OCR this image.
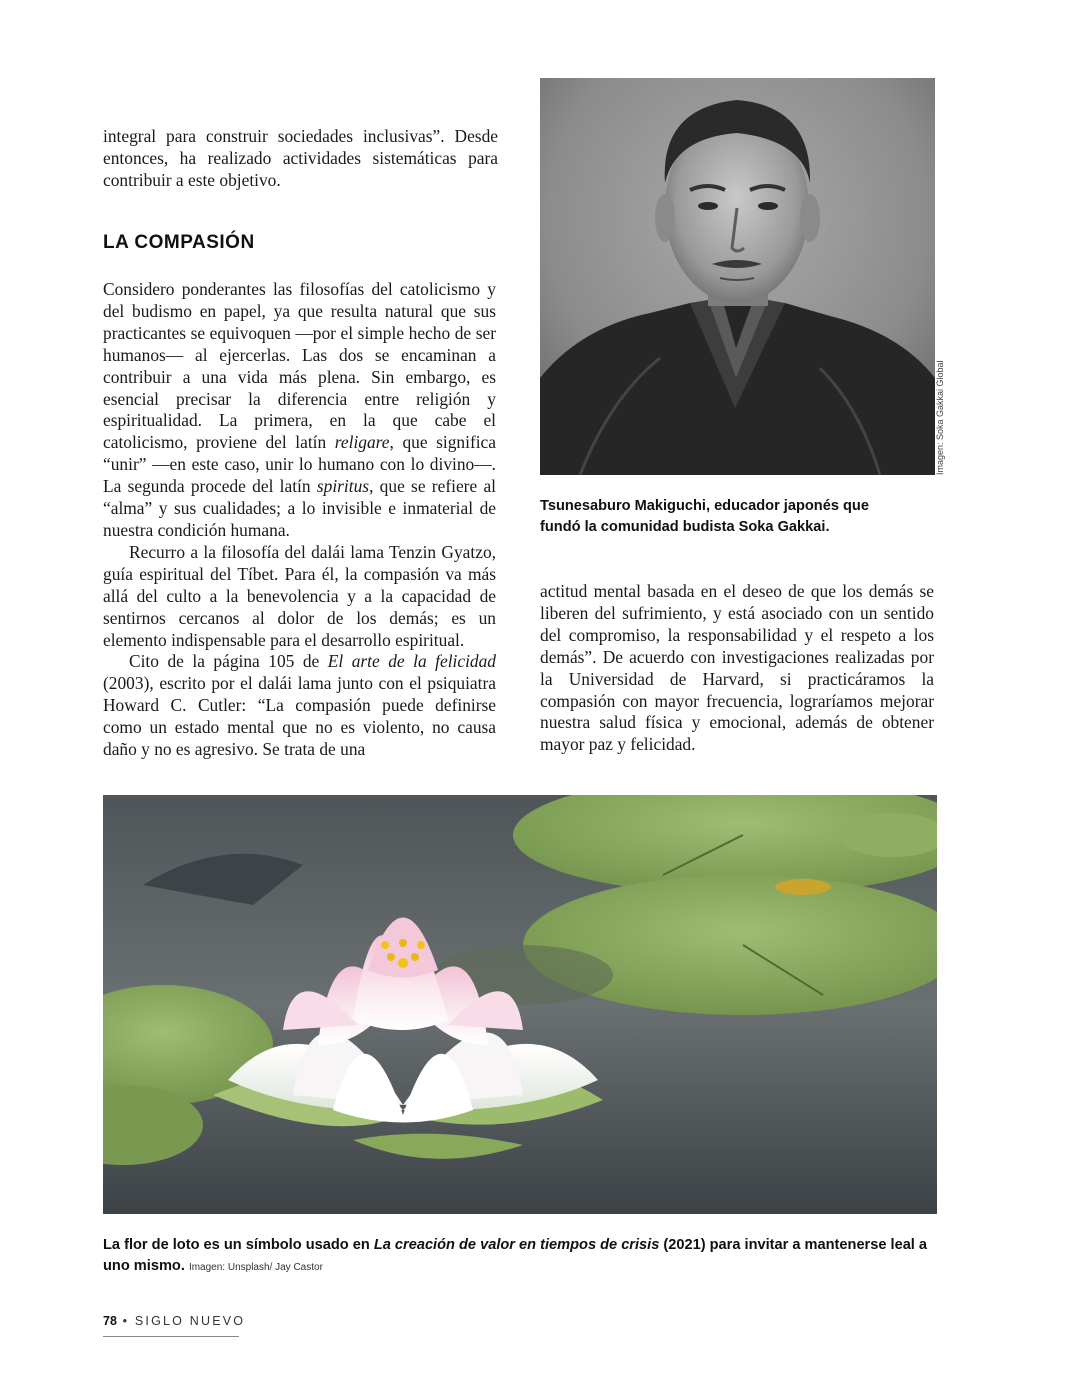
integral para construir sociedades inclusivas”. Desde entonces, ha realizado actividades sistemáticas para contribuir a este objetivo.

LA COMPASIÓN

Considero ponderantes las filosofías del catolicismo y del budismo en papel, ya que resulta natural que sus practicantes se equivoquen —por el simple hecho de ser humanos— al ejercerlas. Las dos se encaminan a contribuir a una vida más plena. Sin embargo, es esencial precisar la diferencia entre religión y espiritualidad. La primera, en la que cabe el catolicismo, proviene del latín religare, que significa “unir” —en este caso, unir lo humano con lo divino—. La segunda procede del latín spiritus, que se refiere al “alma” y sus cualidades; a lo invisible e inmaterial de nuestra condición humana.

Recurro a la filosofía del dalái lama Tenzin Gyatzo, guía espiritual del Tíbet. Para él, la compasión va más allá del culto a la benevolencia y a la capacidad de sentirnos cercanos al dolor de los demás; es un elemento indispensable para el desarrollo espiritual.

Cito de la página 105 de El arte de la felicidad (2003), escrito por el dalái lama junto con el psiquiatra Howard C. Cutler: “La compasión puede definirse como un estado mental que no es violento, no causa daño y no es agresivo. Se trata de una

actitud mental basada en el deseo de que los demás se liberen del sufrimiento, y está asociado con un sentido del compromiso, la responsabilidad y el respeto a los demás”. De acuerdo con investigaciones realizadas por la Universidad de Harvard, si practicáramos la compasión con mayor frecuencia, lograríamos mejorar nuestra salud física y emocional, además de obtener mayor paz y felicidad.

Imagen: Soka Gakkai Global

Tsunesaburo Makiguchi, educador japonés que fundó la comunidad budista Soka Gakkai.

La flor de loto es un símbolo usado en La creación de valor en tiempos de crisis (2021) para invitar a mantenerse leal a uno mismo. Imagen: Unsplash/ Jay Castor

78 • SIGLO NUEVO
